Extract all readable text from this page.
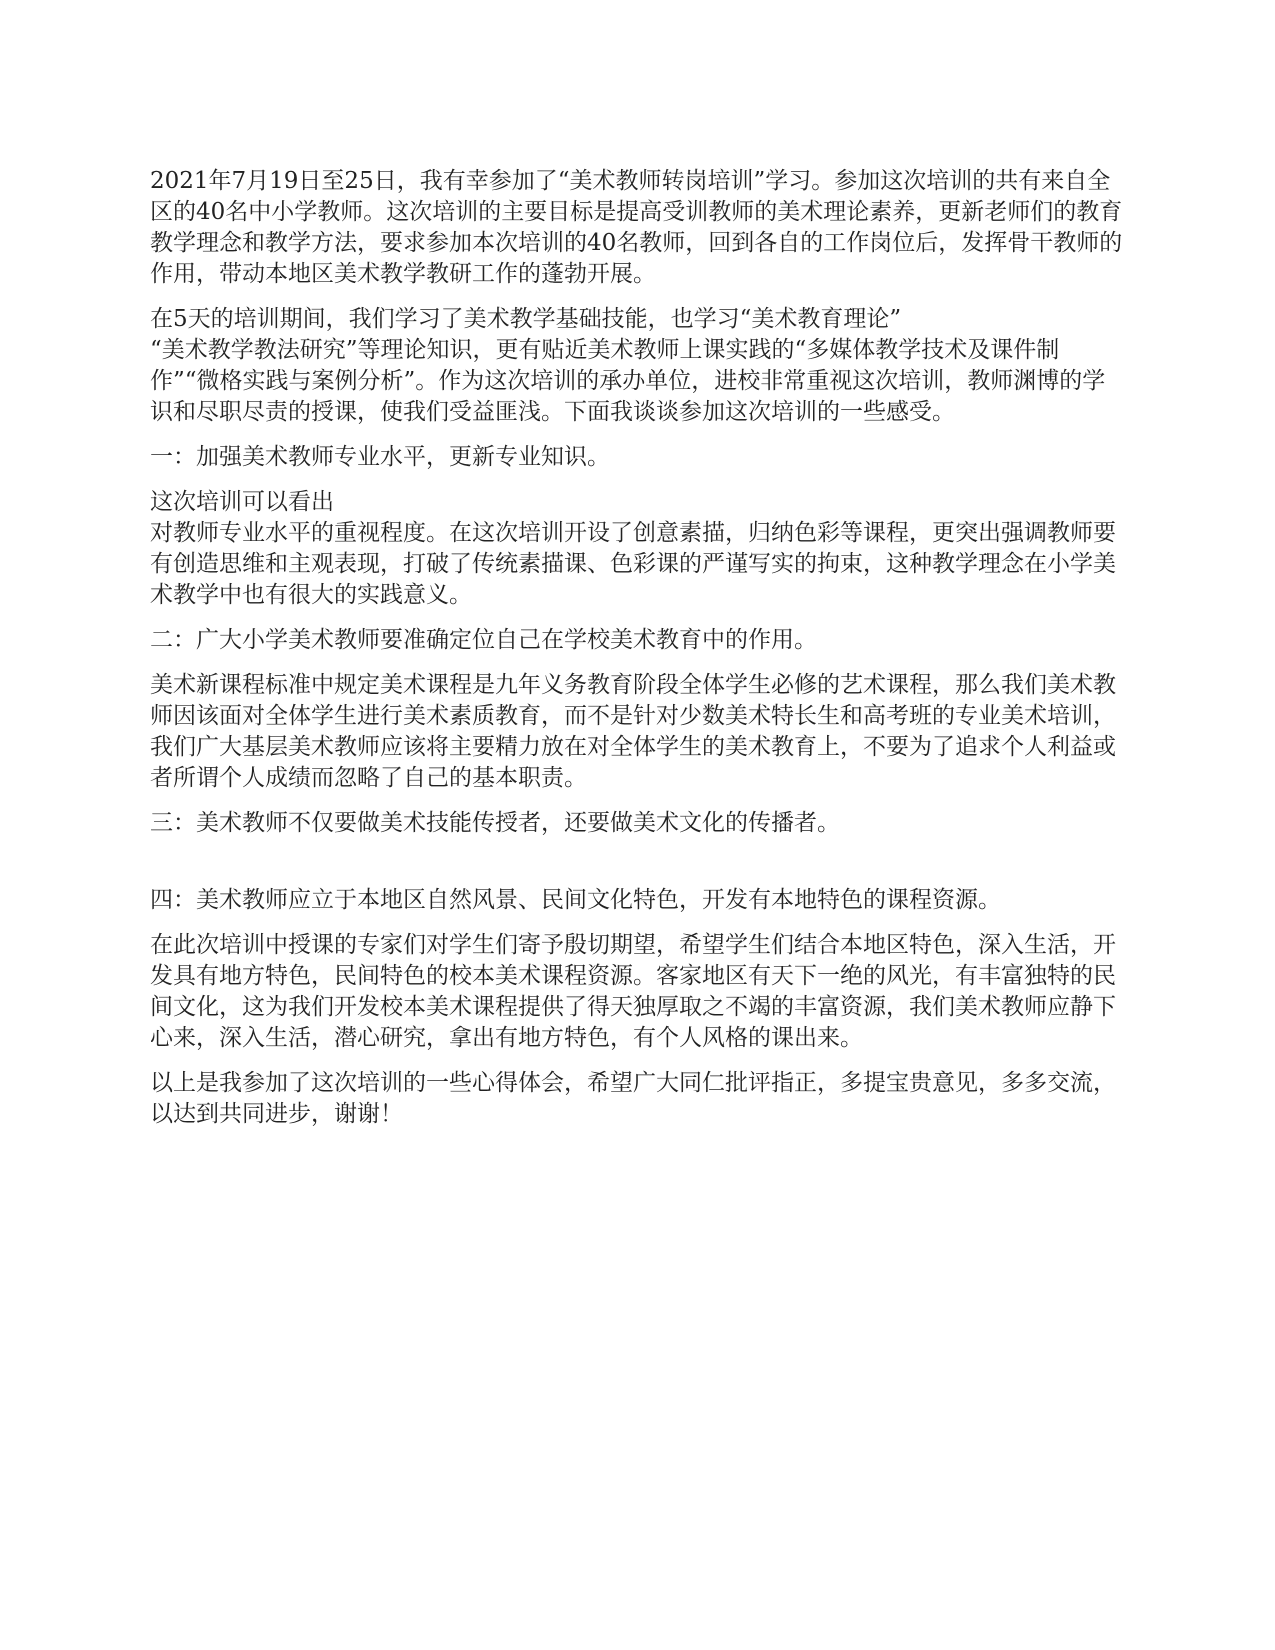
2021年7月19日至25日，我有幸参加了“美术教师转岗培训”学习。参加这次培训的共有来自全区的40名中小学教师。这次培训的主要目标是提高受训教师的美术理论素养，更新老师们的教育教学理念和教学方法，要求参加本次培训的40名教师，回到各自的工作岗位后，发挥骨干教师的作用，带动本地区美术教学教研工作的蓬勃开展。

在5天的培训期间，我们学习了美术教学基础技能，也学习“美术教育理论”
“美术教学教法研究”等理论知识，更有贴近美术教师上课实践的“多媒体教学技术及课件制作”“微格实践与案例分析”。作为这次培训的承办单位，进校非常重视这次培训，教师渊博的学识和尽职尽责的授课，使我们受益匪浅。下面我谈谈参加这次培训的一些感受。

一：加强美术教师专业水平，更新专业知识。

这次培训可以看出
对教师专业水平的重视程度。在这次培训开设了创意素描，归纳色彩等课程，更突出强调教师要有创造思维和主观表现，打破了传统素描课、色彩课的严谨写实的拘束，这种教学理念在小学美术教学中也有很大的实践意义。

二：广大小学美术教师要准确定位自己在学校美术教育中的作用。

美术新课程标准中规定美术课程是九年义务教育阶段全体学生必修的艺术课程，那么我们美术教师因该面对全体学生进行美术素质教育，而不是针对少数美术特长生和高考班的专业美术培训，我们广大基层美术教师应该将主要精力放在对全体学生的美术教育上，不要为了追求个人利益或者所谓个人成绩而忽略了自己的基本职责。

三：美术教师不仅要做美术技能传授者，还要做美术文化的传播者。

四：美术教师应立于本地区自然风景、民间文化特色，开发有本地特色的课程资源。

在此次培训中授课的专家们对学生们寄予殷切期望，希望学生们结合本地区特色，深入生活，开发具有地方特色，民间特色的校本美术课程资源。客家地区有天下一绝的风光，有丰富独特的民间文化，这为我们开发校本美术课程提供了得天独厚取之不竭的丰富资源，我们美术教师应静下心来，深入生活，潜心研究，拿出有地方特色，有个人风格的课出来。

以上是我参加了这次培训的一些心得体会，希望广大同仁批评指正，多提宝贵意见，多多交流，以达到共同进步，谢谢！
